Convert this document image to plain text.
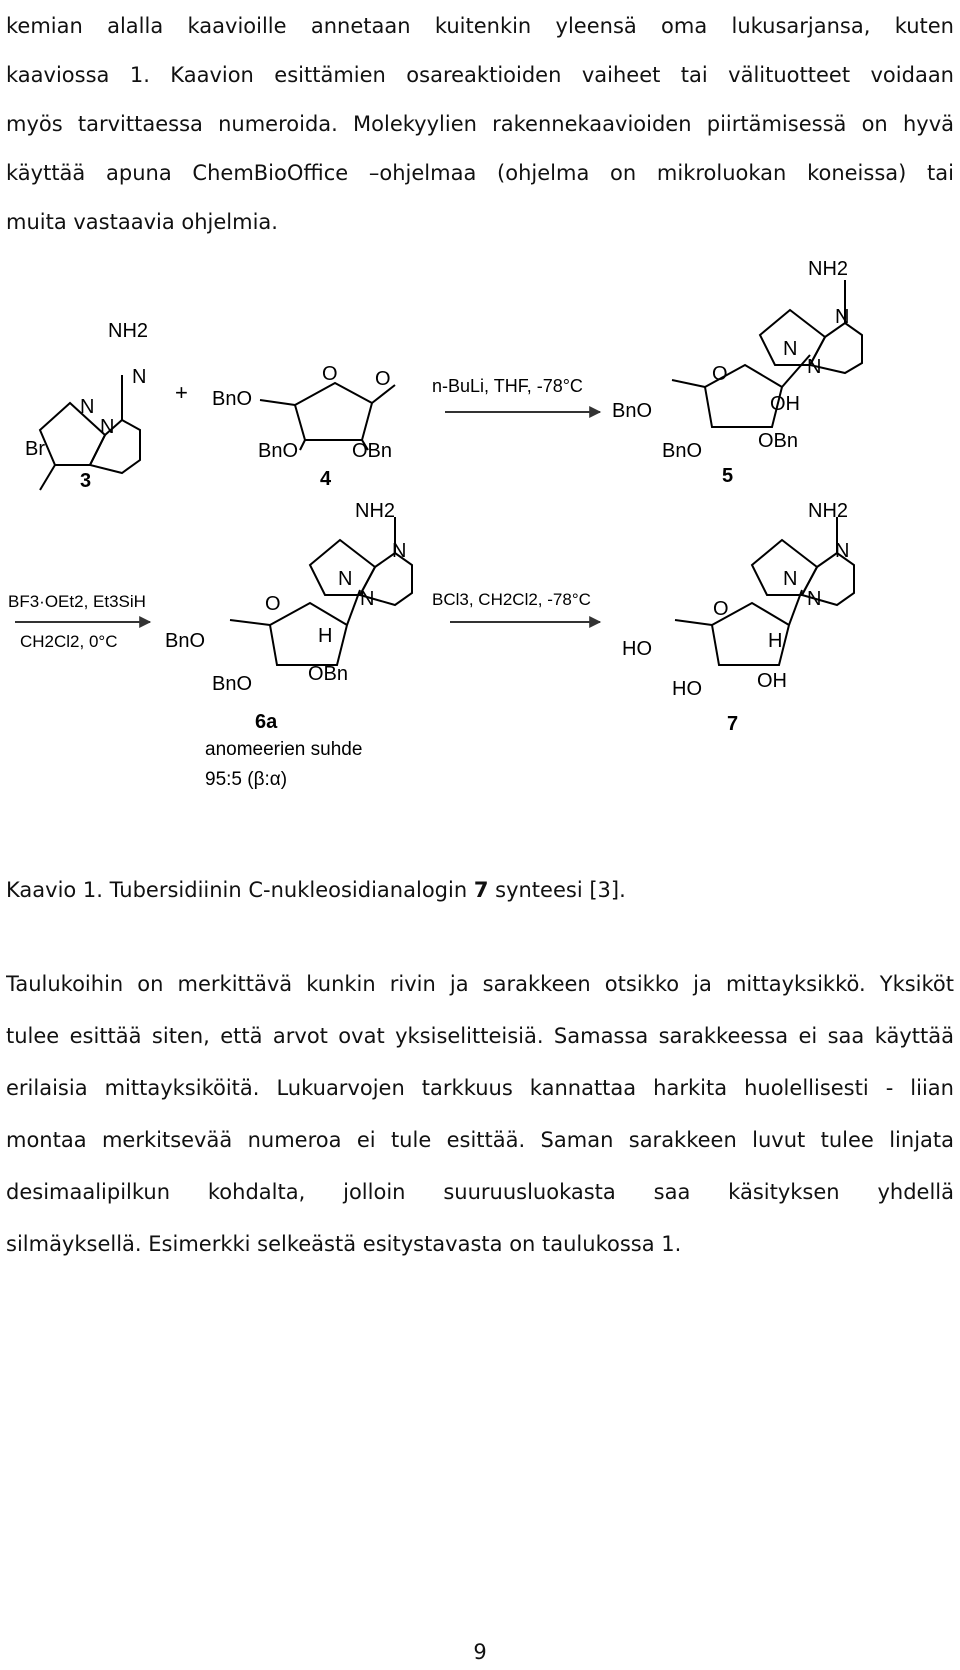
kemian alalla kaavioille annetaan kuitenkin yleensä oma lukusarjansa, kuten
kaaviossa 1. Kaavion esittämien osareaktioiden vaiheet tai välituotteet voidaan
myös tarvittaessa numeroida. Molekyylien rakennekaavioiden piirtämisessä on hyvä
käyttää apuna ChemBioOffice –ohjelmaa (ohjelma on mikroluokan koneissa) tai
muita vastaavia ohjelmia.
NH2
N
N
N
Br
3
+ BnO
O O
BnO	OBn
4
n-BuLi, THF, -78°C
NH2
N
N
N
BnO
O
OH
BnO	OBn
5
BF3·OEt2, Et3SiH
CH2Cl2, 0°C
NH2
N
N
N
O
H
BnO
BnO	OBn
6a
anomeerien suhde
95:5 (β:α)
BCl3, CH2Cl2, -78°C
NH2
N
N
N
O
H
HO
HO	OH
7
Kaavio 1. Tubersidiinin C-nukleosidianalogin 7 synteesi [3].
Taulukoihin on merkittävä kunkin rivin ja sarakkeen otsikko ja mittayksikkö. Yksiköt
tulee esittää siten, että arvot ovat yksiselitteisiä. Samassa sarakkeessa ei saa käyttää
erilaisia mittayksiköitä. Lukuarvojen tarkkuus kannattaa harkita huolellisesti - liian
montaa merkitsevää numeroa ei tule esittää. Saman sarakkeen luvut tulee linjata
desimaalipilkun kohdalta, jolloin suuruusluokasta saa käsityksen yhdellä
silmäyksellä. Esimerkki selkeästä esitystavasta on taulukossa 1.
9
